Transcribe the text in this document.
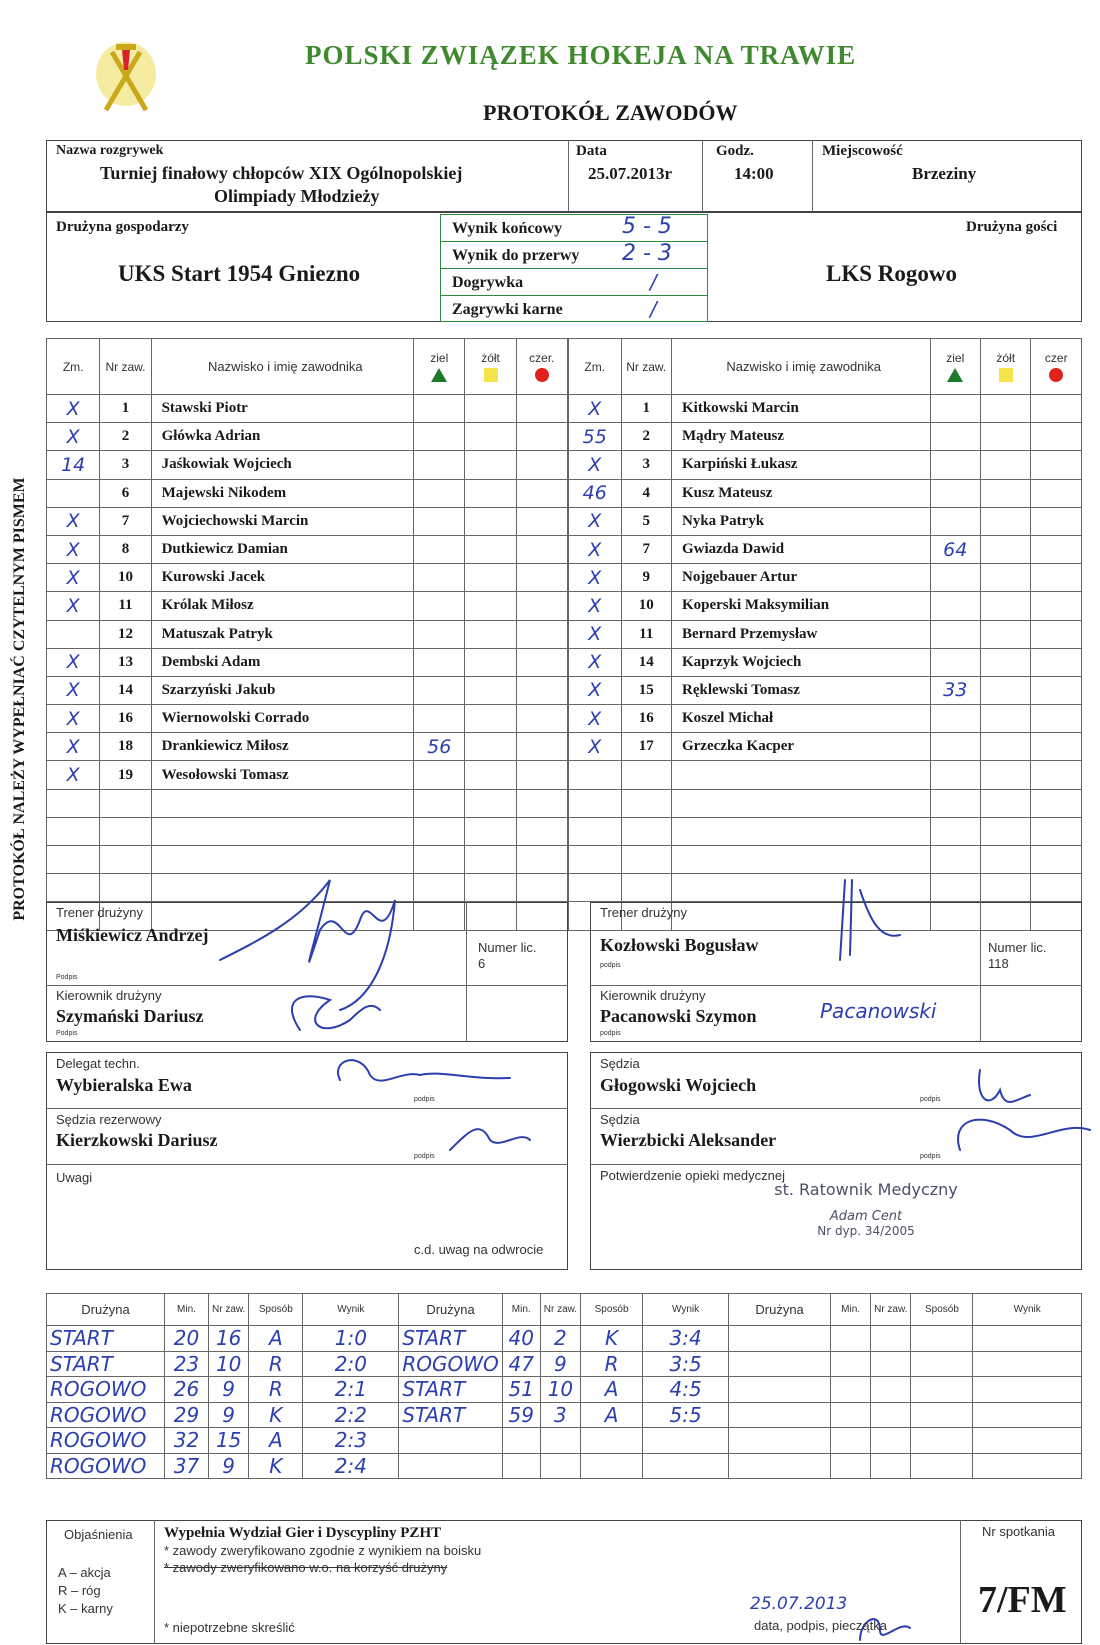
POLSKI ZWIĄZEK HOKEJA NA TRAWIE
PROTOKÓŁ ZAWODÓW
PROTOKÓŁ NALEŻY WYPEŁNIAĆ CZYTELNYM PISMEM
Nazwa rozgrywek
Turniej finałowy chłopców XIX Ogólnopolskiej
Olimpiady Młodzieży
Data
25.07.2013r
Godz.
14:00
Miejscowość
Brzeziny
Drużyna gospodarzy
UKS Start 1954 Gniezno
Drużyna gości
LKS Rogowo
Wynik końcowy	5 - 5
Wynik do przerwy 2 - 3
Dogrywka	/
Zagrywki karne	/
Zm.	Nr zaw.	Nazwisko i imię zawodnika	ziel	żółt	czer.

X	1	Stawski Piotr			
X	2	Główka Adrian			
14	3	Jaśkowiak Wojciech			
	6	Majewski Nikodem			
X	7	Wojciechowski Marcin			
X	8	Dutkiewicz Damian			
X	10	Kurowski Jacek			
X	11	Królak Miłosz			
	12	Matuszak Patryk			
X	13	Dembski Adam			
X	14	Szarzyński Jakub			
X	16	Wiernowolski Corrado			
X	18	Drankiewicz Miłosz	56		
X	19	Wesołowski Tomasz			

Zm.	Nr zaw.	Nazwisko i imię zawodnika	ziel	żółt	czer

X	1	Kitkowski Marcin			
55	2	Mądry Mateusz			
X	3	Karpiński Łukasz			
46	4	Kusz Mateusz			
X	5	Nyka Patryk			
X	7	Gwiazda Dawid	64		
X	9	Nojgebauer Artur			
X	10	Koperski Maksymilian			
X	11	Bernard Przemysław			
X	14	Kaprzyk Wojciech			
X	15	Ręklewski Tomasz	33		
X	16	Koszel Michał			
X	17	Grzeczka Kacper			

Trener drużyny
Miśkiewicz Andrzej
Podpis
Numer lic.
6
Kierownik drużyny
Szymański Dariusz
Podpis
Trener drużyny
Kozłowski Bogusław
podpis
Numer lic.
118
Kierownik drużyny
Pacanowski Szymon
podpis
Delegat techn.
Wybieralska Ewa
podpis
Sędzia rezerwowy
Kierzkowski Dariusz
podpis
Uwagi
c.d. uwag na odwrocie
Sędzia
Głogowski Wojciech
podpis
Sędzia
Wierzbicki Aleksander
podpis
Potwierdzenie opieki medycznej
st. Ratownik Medyczny
Adam Cent
Nr dyp. 34/2005
Pacanowski
Drużyna	Min.	Nr zaw.	Sposób	Wynik	Drużyna	Min.	Nr zaw.	Sposób	Wynik	Drużyna	Min.	Nr zaw.	Sposób	Wynik
START	20	16	A	1:0	START	40	2	K	3:4					
START	23	10	R	2:0	ROGOWO	47	9	R	3:5					
ROGOWO	26	9	R	2:1	START	51	10	A	4:5					
ROGOWO	29	9	K	2:2	START	59	3	A	5:5					
ROGOWO	32	15	A	2:3										
ROGOWO	37	9	K	2:4										
Objaśnienia
A – akcja
R – róg
K – karny
Wypełnia Wydział Gier i Dyscypliny PZHT
* zawody zweryfikowano zgodnie z wynikiem na boisku
* zawody zweryfikowano w.o. na korzyść drużyny
* niepotrzebne skreślić
25.07.2013
data, podpis, pieczątka
Nr spotkania
7/FM
